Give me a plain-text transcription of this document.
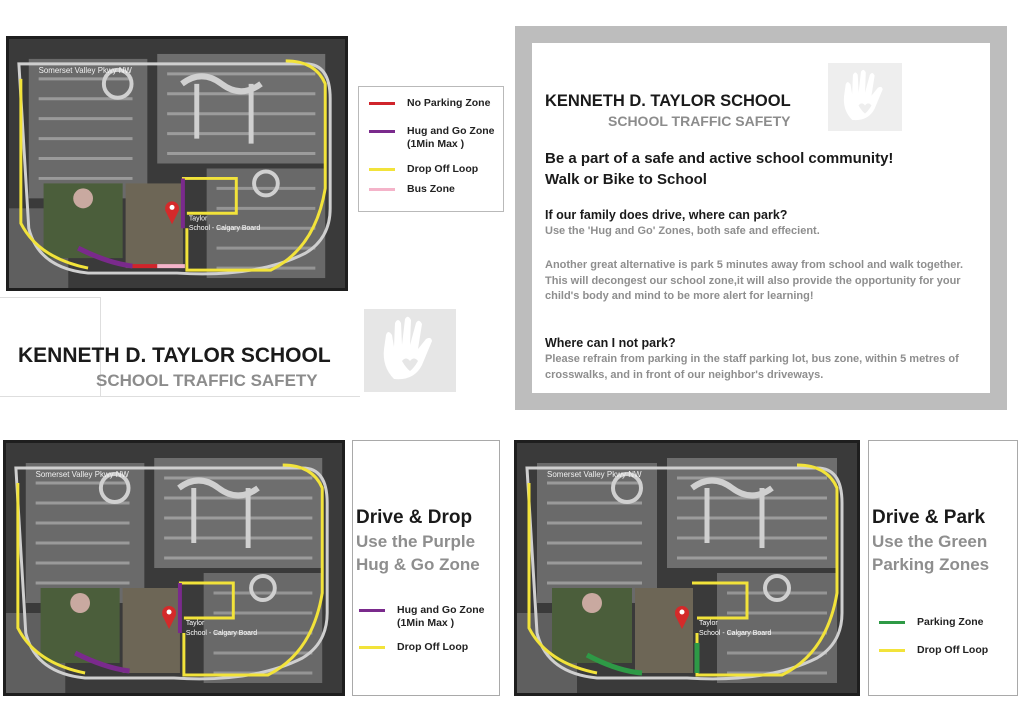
Somerset Valley Pkwy NW
Taylor
School - Calgary Board
No Parking Zone
Hug and Go Zone
(1Min Max )
Drop Off Loop
Bus Zone
KENNETH D. TAYLOR SCHOOL
SCHOOL TRAFFIC SAFETY
KENNETH D. TAYLOR SCHOOL
SCHOOL TRAFFIC SAFETY
Be a part of a safe and active school community!
Walk or Bike to School
If our family does drive, where can park?
Use the 'Hug and Go' Zones, both safe and effecient.
Another great alternative is park 5 minutes away from school and walk together. This will decongest our school zone,it will also provide the opportunity for your child's body and mind to be more alert for learning!
Where can I not park?
Please refrain from parking in the staff parking lot, bus zone, within 5 metres of crosswalks, and in front of our neighbor's driveways.
Somerset Valley Pkwy NW
Taylor
School - Calgary Board
Drive & Drop
Use the Purple
Hug & Go Zone
Hug and Go Zone
(1Min Max )
Drop Off Loop
Somerset Valley Pkwy NW
Taylor
School - Calgary Board
Drive & Park
Use the Green
Parking Zones
Parking Zone
Drop Off Loop
